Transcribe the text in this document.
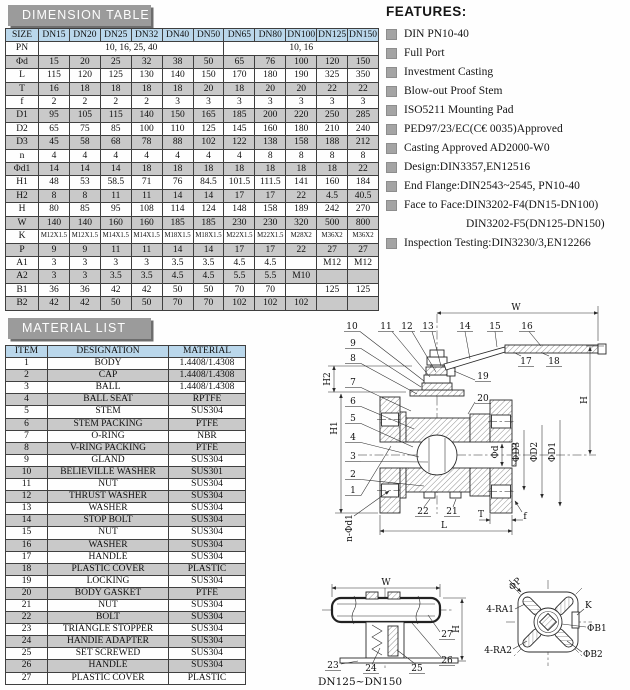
DIMENSION TABLE
SIZE	DN15	DN20	DN25	DN32	DN40	DN50	DN65	DN80	DN100	DN125	DN150
PN	10, 16, 25, 40						10, 16				
Φd	15	20	25	32	38	50	65	76	100	120	150
L	115	120	125	130	140	150	170	180	190	325	350
T	16	18	18	18	18	20	18	20	20	22	22
f	2	2	2	2	3	3	3	3	3	3	3
D1	95	105	115	140	150	165	185	200	220	250	285
D2	65	75	85	100	110	125	145	160	180	210	240
D3	45	58	68	78	88	102	122	138	158	188	212
n	4	4	4	4	4	4	4	8	8	8	8
Φd1	14	14	14	18	18	18	18	18	18	18	22
H1	48	53	58.5	71	76	84.5	101.5	111.5	141	160	184
H2	8	8	11	11	14	14	17	17	22	4.5	40.5
H	80	85	95	108	114	124	148	158	189	242	270
W	140	140	160	160	185	185	230	230	320	500	800
K	M12X1.5	M12X1.5	M14X1.5	M14X1.5	M18X1.5	M18X1.5	M22X1.5	M22X1.5	M28X2	M36X2	M36X2
P	9	9	11	11	14	14	17	17	22	27	27
A1	3	3	3	3	3.5	3.5	4.5	4.5		M12	M12
A2	3	3	3.5	3.5	4.5	4.5	5.5	5.5	M10		
B1	36	36	42	42	50	50	70	70		125	125
B2	42	42	50	50	70	70	102	102	102		
FEATURES:
DIN PN10-40
Full Port
Investment Casting
Blow-out Proof Stem
ISO5211 Mounting Pad
PED97/23/EC(C€ 0035)Approved
Casting Approved AD2000-W0
Design:DIN3357,EN12516
End Flange:DIN2543~2545, PN10-40
Face to Face:DIN3202-F4(DN15-DN100)
DIN3202-F5(DN125-DN150)
Inspection Testing:DIN3230/3,EN12266
MATERIAL LIST
ITEM	DESIGNATION	MATERIAL
1	BODY	1.4408/1.4308
2	CAP	1.4408/1.4308
3	BALL	1.4408/1.4308
4	BALL SEAT	RPTFE
5	STEM	SUS304
6	STEM PACKING	PTFE
7	O-RING	NBR
8	V-RING PACKING	PTFE
9	GLAND	SUS304
10	BELIEVILLE WASHER	SUS301
11	NUT	SUS304
12	THRUST WASHER	SUS304
13	WASHER	SUS304
14	STOP BOLT	SUS304
15	NUT	SUS304
16	WASHER	SUS304
17	HANDLE	SUS304
18	PLASTIC COVER	PLASTIC
19	LOCKING	SUS304
20	BODY GASKET	PTFE
21	NUT	SUS304
22	BOLT	SUS304
23	TRIANGLE STOPPER	SUS304
24	HANDIE ADAPTER	SUS304
25	SET SCREWED	SUS304
26	HANDLE	SUS304
27	PLASTIC COVER	PLASTIC
W
H2
H1
H
Φd ΦD3 ΦD2 ΦD1
n-Φd1	L
T	f
10	11 12 13	14 15 16
9
8
7
6
5
4
3
2
1
17 18
19
20
22 21
W
H
23	24	25
26
27
DN125~DN150
ΦP
4-RA1
4-RA2
K
ΦB1
ΦB2
